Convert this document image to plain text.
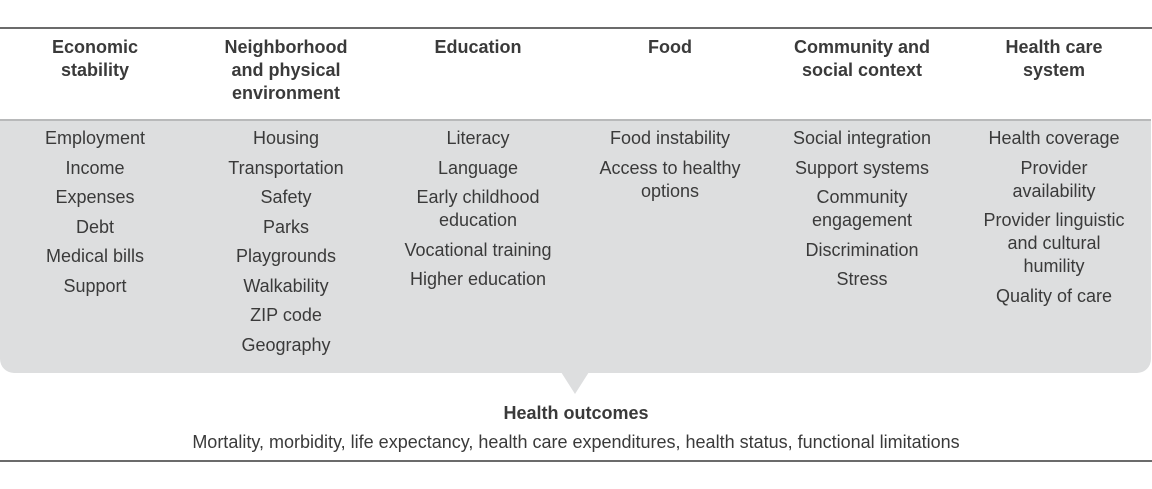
Economic
stability
Neighborhood
and physical
environment
Education	Food	Community and
social context
Health care
system
Employment
Income
Expenses
Debt
Medical bills
Support
Housing
Transportation
Safety
Parks
Playgrounds
Walkability
ZIP code
Geography
Literacy
Language
Early childhood
education
Vocational training
Higher education
Food instability
Access to healthy
options
Social integration
Support systems
Community
engagement
Discrimination
Stress
Health coverage
Provider
availability
Provider linguistic
and cultural
humility
Quality of care
Health outcomes
Mortality, morbidity, life expectancy, health care expenditures, health status, functional limitations
